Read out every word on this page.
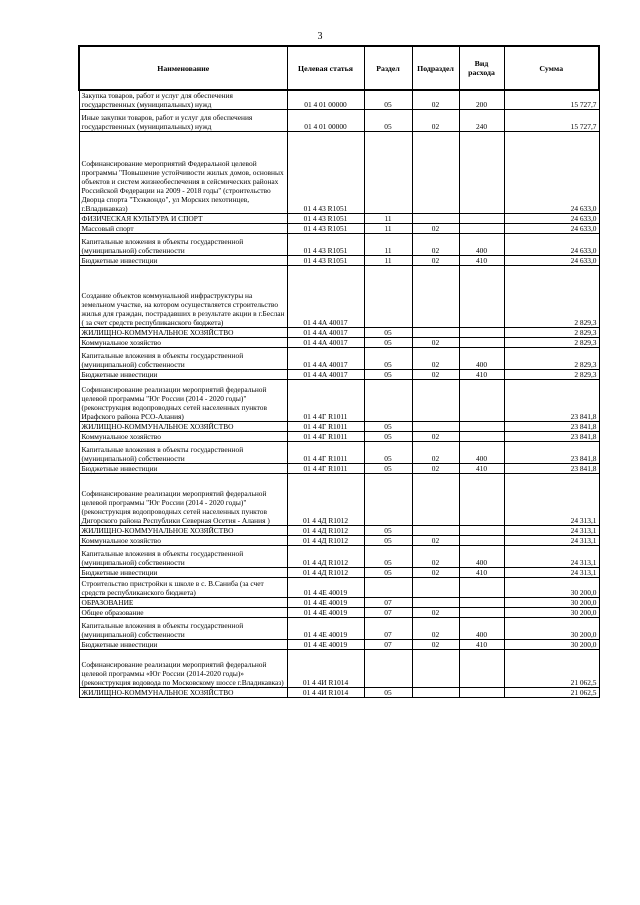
3
Наименование	Целевая статья	Раздел	Подраздел	Вид расхода	Сумма
Закупка товаров, работ и услуг для обеспечения государственных (муниципальных) нужд	01 4 01 00000	05	02	200	15 727,7
Иные закупки товаров, работ и услуг для обеспечения государственных (муниципальных) нужд	01 4 01 00000	05	02	240	15 727,7
Софинансирование мероприятий Федеральной целевой программы "Повышение устойчивости жилых домов, основных объектов и систем жизнеобеспечения в сейсмических районах Российской Федерации на 2009 - 2018 годы" (строительство Дворца спорта "Тхэквондо", ул Морских пехотинцев, г.Владикавказ)	01 4 43 R1051				24 633,0
ФИЗИЧЕСКАЯ КУЛЬТУРА И СПОРТ	01 4 43 R1051	11			24 633,0
Массовый спорт	01 4 43 R1051	11	02		24 633,0
Капитальные вложения в объекты государственной (муниципальной) собственности	01 4 43 R1051	11	02	400	24 633,0
Бюджетные инвестиции	01 4 43 R1051	11	02	410	24 633,0
Создание объектов коммунальной инфраструктуры на земельном участке, на котором осуществляется строительство жилья для граждан, пострадавших в результате акции в г.Беслан ( за счет средств республиканского бюджета)	01 4 4А 40017				2 829,3
ЖИЛИЩНО-КОММУНАЛЬНОЕ ХОЗЯЙСТВО	01 4 4А 40017	05			2 829,3
Коммунальное хозяйство	01 4 4А 40017	05	02		2 829,3
Капитальные вложения в объекты государственной (муниципальной) собственности	01 4 4А 40017	05	02	400	2 829,3
Бюджетные инвестиции	01 4 4А 40017	05	02	410	2 829,3
Софинансирование реализации мероприятий федеральной целевой программы "Юг России (2014 - 2020 годы)" (реконструкция водопроводных сетей населенных пунктов Ирафского района РСО-Алания)	01 4 4Г R1011				23 841,8
ЖИЛИЩНО-КОММУНАЛЬНОЕ ХОЗЯЙСТВО	01 4 4Г R1011	05			23 841,8
Коммунальное хозяйство	01 4 4Г R1011	05	02		23 841,8
Капитальные вложения в объекты государственной (муниципальной) собственности	01 4 4Г R1011	05	02	400	23 841,8
Бюджетные инвестиции	01 4 4Г R1011	05	02	410	23 841,8
Софинансирование реализации мероприятий федеральной целевой программы "Юг России (2014 - 2020 годы)" (реконструкция водопроводных сетей населенных пунктов Дигорского района Республики Северная Осетия - Алания )	01 4 4Д R1012				24 313,1
ЖИЛИЩНО-КОММУНАЛЬНОЕ ХОЗЯЙСТВО	01 4 4Д R1012	05			24 313,1
Коммунальное хозяйство	01 4 4Д R1012	05	02		24 313,1
Капитальные вложения в объекты государственной (муниципальной) собственности	01 4 4Д R1012	05	02	400	24 313,1
Бюджетные инвестиции	01 4 4Д R1012	05	02	410	24 313,1
Строительство пристройки к школе в с. В.Саниба (за счет средств республиканского бюджета)	01 4 4Е 40019				30 200,0
ОБРАЗОВАНИЕ	01 4 4Е 40019	07			30 200,0
Общее образование	01 4 4Е 40019	07	02		30 200,0
Капитальные вложения в объекты государственной (муниципальной) собственности	01 4 4Е 40019	07	02	400	30 200,0
Бюджетные инвестиции	01 4 4Е 40019	07	02	410	30 200,0
Софинансирование реализации мероприятий федеральной целевой программы «Юг России (2014-2020 годы)» (реконструкция водовода по Московскому шоссе г.Владикавказ)	01 4 4И R1014				21 062,5
ЖИЛИЩНО-КОММУНАЛЬНОЕ ХОЗЯЙСТВО	01 4 4И R1014	05			21 062,5
